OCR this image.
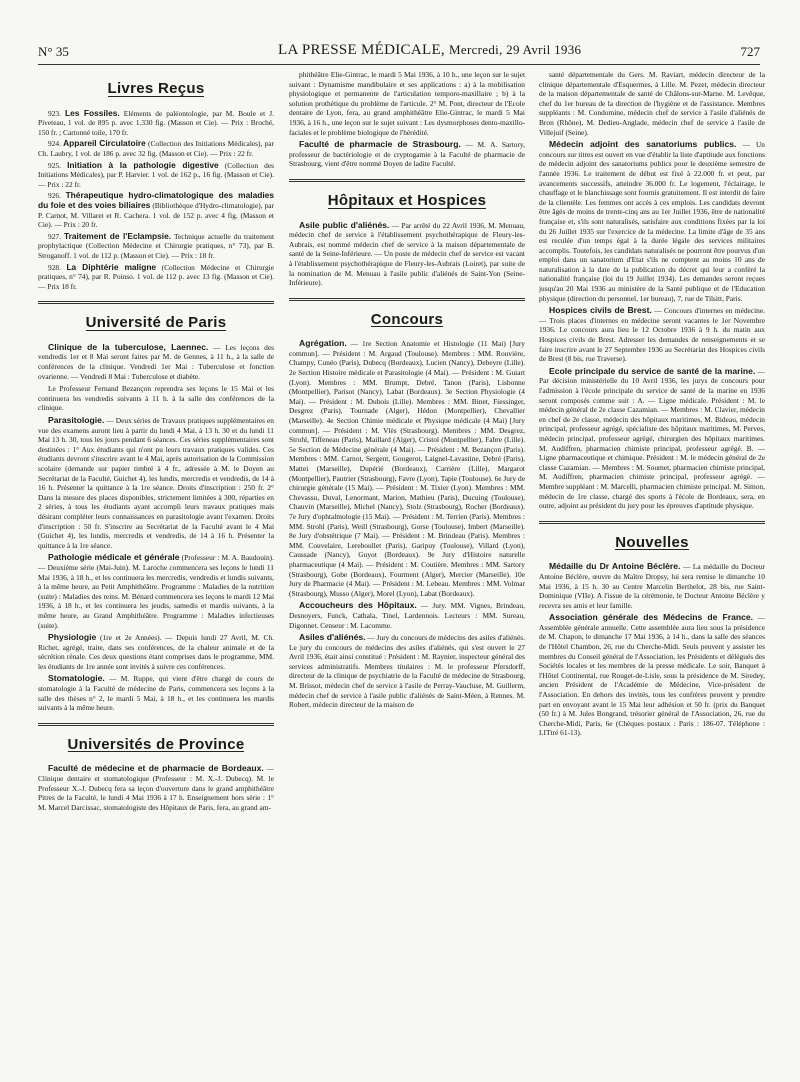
N° 35	LA PRESSE MÉDICALE, Mercredi, 29 Avril 1936	727
Livres Reçus

923. Les Fossiles. Eléments de paléontologie, par M. Boule et J. Piveteau, 1 vol. de 895 p. avec 1.330 fig. (Masson et Cie). — Prix : Broché, 150 fr. ; Cartonné toile, 170 fr.

924. Appareil Circulatoire (Collection des Initiations Médicales), par Ch. Laubry, 1 vol. de 186 p. avec 32 fig. (Masson et Cie). — Prix : 22 fr.

925. Initiation à la pathologie digestive (Collection des Initiations Médicales), par P. Harvier. 1 vol. de 162 p., 16 fig. (Masson et Cie). — Prix : 22 fr.

926. Thérapeutique hydro-climatologique des maladies du foie et des voies biliaires (Bibliothèque d'Hydro-climatologie), par P. Carnot, M. Villaret et R. Cachera. 1 vol. de 152 p. avec 4 fig. (Masson et Cie). — Prix : 20 fr.

927. Traitement de l'Eclampsie. Technique actuelle du traitement prophylactique (Collection Médecine et Chirurgie pratiques, n° 73), par B. Stroganoff. 1 vol. de 112 p. (Masson et Cie). — Prix : 18 fr.

928. La Diphtérie maligne (Collection Médecine et Chirurgie pratiques, n° 74), par R. Poinso. 1 vol. de 112 p. avec 13 fig. (Masson et Cie). — Prix 18 fr.

Université de Paris

Clinique de la tuberculose, Laennec. — Les leçons des vendredis 1er et 8 Mai seront faites par M. de Gennes, à 11 h., à la salle de conférences de la clinique. Vendredi 1er Mai : Tuberculose et fonction ovarienne. — Vendredi 8 Mai : Tuberculose et diabète.

Le Professeur Fernand Bezançon reprendra ses leçons le 15 Mai et les continuera les vendredis suivants à 11 h. à la salle des conférences de la clinique.

Parasitologie. — Deux séries de Travaux pratiques supplémentaires en vue des examens auront lieu à partir du lundi 4 Mai, à 13 h. 30 et du lundi 11 Mai 13 h. 30, tous les jours pendant 6 séances. Ces séries supplémentaires sont destinées : 1° Aux étudiants qui n'ont pu leurs travaux pratiques valides. Ces étudiants devront s'inscrire avant le 4 Mai, après autorisation de la Commission scolaire (demande sur papier timbré à 4 fr., adressée à M. le Doyen au Secrétariat de la Faculté, Guichet 4), les lundis, mercredis et vendredis, de 14 à 16 h. Présenter la quittance à la 1re séance. Droits d'inscription : 250 fr. 2° Dans la mesure des places disponibles, strictement limitées à 300, réparties en 2 séries, à tous les étudiants ayant accompli leurs travaux pratiques mais désirant compléter leurs connaissances en parasitologie avant l'examen. Droits d'inscription : 50 fr. S'inscrire au Secrétariat de la Faculté avant le 4 Mai (Guichet 4), les lundis, mercredis et vendredis, de 14 à 16 h. Présenter la quittance à la 1re séance.

Pathologie médicale et générale (Professeur : M. A. Baudouin). — Deuxième série (Mai-Juin). M. Laroche commencera ses leçons le lundi 11 Mai 1936, à 18 h., et les continuera les mercredis, vendredis et lundis suivants, à la même heure, au Petit Amphithéâtre. Programme : Maladies de la nutrition (suite) : Maladies des reins. M. Bénard commencera ses leçons le mardi 12 Mai 1936, à 18 h., et les continuera les jeudis, samedis et mardis suivants, à la même heure, au Grand Amphithéâtre. Programme : Maladies infectieuses (suite).

Physiologie (1re et 2e Années). — Depuis lundi 27 Avril, M. Ch. Richet, agrégé, traite, dans ses conférences, de la chaleur animale et de la sécrétion rénale. Ces deux questions étant comprises dans le programme, MM. les étudiants de 1re année sont invités à suivre ces conférences.

Stomatologie. — M. Ruppe, qui vient d'être chargé de cours de stomatologie à la Faculté de médecine de Paris, commencera ses leçons à la salle des thèses n° 2, le mardi 5 Mai, à 18 h., et les continuera les mardis suivants à la même heure.

Universités de Province

Faculté de médecine et de pharmacie de Bordeaux. — Clinique dentaire et stomatologique (Professeur : M. X.-J. Dubecq). M. le Professeur X.-J. Dubecq fera sa leçon d'ouverture dans le grand amphithéâtre Pitres de la Faculté, le lundi 4 Mai 1936 à 17 h. Enseignement hors série : 1° M. Marcel Darcissac, stomatologiste des Hôpitaux de Paris, fera, au grand am-

phithéâtre Elie-Gintrac, le mardi 5 Mai 1936, à 10 h., une leçon sur le sujet suivant : Dynamisme mandibulaire et ses applications : a) à la mobilisation physiologique et permanente de l'articulation temporo-maxillaire ; b) à la solution prothétique du problème de l'articule. 2° M. Pont, directeur de l'Ecole dentaire de Lyon, fera, au grand amphithéâtre Elie-Gintrac, le mardi 5 Mai 1936, à 16 h., une leçon sur le sujet suivant : Les dysmorphoses dento-maxillo-faciales et le problème biologique de l'hérédité.

Faculté de pharmacie de Strasbourg. — M. A. Sartory, professeur de bactériologie et de cryptogamie à la Faculté de pharmacie de Strasbourg, vient d'être nommé Doyen de ladite Faculté.

Hôpitaux et Hospices

Asile public d'aliénés. — Par arrêté du 22 Avril 1936, M. Menuau, médecin chef de service à l'établissement psychothérapique de Fleury-les-Aubrais, est nommé médecin chef de service à la maison départementale de santé de la Seine-Inférieure. — Un poste de médecin chef de service est vacant à l'établissement psychothérapique de Fleury-les-Aubrais (Loiret), par suite de la nomination de M. Menuau à l'asile public d'aliénés de Saint-Yon (Seine-Inférieure).

Concours

Agrégation. — 1re Section Anatomie et Histologie (11 Mai) [Jury commun]. — Président : M. Argaud (Toulouse). Membres : MM. Rouvière, Champy, Cunéo (Paris), Dubecq (Bordeaux), Lucien (Nancy), Debeyre (Lille). 2e Section Histoire médicale et Parasitologie (4 Mai). — Président : M. Guiart (Lyon). Membres : MM. Brumpt, Debré, Tanon (Paris), Lisbonne (Montpellier), Parisot (Nancy), Labat (Bordeaux). 3e Section Physiologie (4 Mai). — Président : M. Dubois (Lille). Membres : MM. Binet, Fiessinger, Desgrez (Paris), Tournade (Alger), Hédon (Montpellier), Chevallier (Marseille). 4e Section Chimie médicale et Physique médicale (4 Mai) [Jury commun]. — Président : M. Vlès (Strasbourg). Membres : MM. Desgrez, Strohl, Tiffeneau (Paris), Maillard (Alger), Cristol (Montpellier), Fabre (Lille). 5e Section de Médecine générale (4 Mai). — Président : M. Bezançon (Paris). Membres : MM. Carnot, Sergent, Gougerot, Laignel-Lavastine, Debré (Paris), Mattei (Marseille), Dupérié (Bordeaux), Carrière (Lille), Margarot (Montpellier), Pautrier (Strasbourg), Favre (Lyon), Tapie (Toulouse). 6e Jury de chirurgie générale (15 Mai). — Président : M. Tixier (Lyon). Membres : MM. Chevassu, Duval, Lenormant, Marion, Mathieu (Paris), Ducuing (Toulouse), Chauvin (Marseille), Michel (Nancy), Stolz (Strasbourg), Rocher (Bordeaux). 7e Jury d'ophtalmologie (15 Mai). — Président : M. Terrien (Paris). Membres : MM. Strohl (Paris), Weill (Strasbourg), Gorse (Toulouse), Imbert (Marseille). 8e Jury d'obstétrique (7 Mai). — Président : M. Brindeau (Paris). Membres : MM. Couvelaire, Lereboullet (Paris), Garipuy (Toulouse), Villard (Lyon), Caussade (Nancy), Guyot (Bordeaux). 9e Jury d'Histoire naturelle pharmaceutique (4 Mai). — Président : M. Coutière. Membres : MM. Sartory (Strasbourg), Gobe (Bordeaux), Fourment (Alger), Mercier (Marseille). 10e Jury de Pharmacie (4 Mai). — Président : M. Lebeau. Membres : MM. Volmar (Strasbourg), Musso (Alger), Morel (Lyon), Labat (Bordeaux).

Accoucheurs des Hôpitaux. — Jury. MM. Vignes, Brindeau, Desnoyers, Funck, Cathala, Tinel, Lardennois. Lecteurs : MM. Sureau, Digonnet. Censeur : M. Lacomme.

Asiles d'aliénés. — Jury du concours de médecins des asiles d'aliénés. Le jury du concours de médecins des asiles d'aliénés, qui s'est ouvert le 27 Avril 1936, était ainsi constitué : Président : M. Raynier, inspecteur général des services administratifs. Membres titulaires : M. le professeur Pfersdorff, directeur de la clinique de psychiatrie de la Faculté de médecine de Strasbourg, M. Brissot, médecin chef de service à l'asile de Perray-Vaucluse, M. Guillerm, médecin chef de service à l'asile public d'aliénés de Saint-Méen, à Rennes. M. Robert, médecin directeur de la maison de

santé départementale du Gers. M. Raviart, médecin directeur de la clinique départementale d'Esquermes, à Lille. M. Pezet, médecin directeur de la maison départementale de santé de Châlons-sur-Marne. M. Levêque, chef du 1er bureau de la direction de l'hygiène et de l'assistance. Membres suppléants : M. Condomine, médecin chef de service à l'asile d'aliénés de Bron (Rhône), M. Dedieu-Anglade, médecin chef de service à l'asile de Villejuif (Seine).

Médecin adjoint des sanatoriums publics. — Un concours sur titres est ouvert en vue d'établir la liste d'aptitude aux fonctions de médecin adjoint des sanatoriums publics pour le deuxième semestre de l'année 1936. Le traitement de début est fixé à 22.000 fr. et peut, par avancements successifs, atteindre 36.000 fr. Le logement, l'éclairage, le chauffage et le blanchissage sont fournis gratuitement. Il est interdit de faire de la clientèle. Les femmes ont accès à ces emplois. Les candidats devront être âgés de moins de trente-cinq ans au 1er Juillet 1936, être de nationalité française et, s'ils sont naturalisés, satisfaire aux conditions fixées par la loi du 26 Juillet 1935 sur l'exercice de la médecine. La limite d'âge de 35 ans est reculée d'un temps égal à la durée légale des services militaires accomplis. Toutefois, les candidats naturalisés ne pourront être pourvus d'un emploi dans un sanatorium d'Etat s'ils ne comptent au moins 10 ans de naturalisation à la date de la publication du décret qui leur a conféré la nationalité française (loi du 19 Juillet 1934). Les demandes seront reçues jusqu'au 20 Mai 1936 au ministère de la Santé publique et de l'Education physique (direction du personnel, 1er bureau), 7, rue de Tilsitt, Paris.

Hospices civils de Brest. — Concours d'internes en médecine. — Trois places d'internes en médecine seront vacantes le 1er Novembre 1936. Le concours aura lieu le 12 Octobre 1936 à 9 h. du matin aux Hospices civils de Brest. Adresser les demandes de renseignements et se faire inscrire avant le 27 Septembre 1936 au Secrétariat des Hospices civils de Brest (8 bis, rue Traverse).

Ecole principale du service de santé de la marine. — Par décision ministérielle du 10 Avril 1936, les jurys de concours pour l'admission à l'école principale du service de santé de la marine en 1936 seront composés comme suit : A. — Ligne médicale. Président : M. le médecin général de 2e classe Cazamian. — Membres : M. Clavier, médecin en chef de 2e classe, médecin des hôpitaux maritimes, M. Bideau, médecin principal, professeur agrégé, spécialiste des hôpitaux maritimes, M. Perves, médecin principal, professeur agrégé, chirurgien des hôpitaux maritimes. M. Audiffren, pharmacien chimiste principal, professeur agrégé. B. — Ligne pharmaceutique et chimique. Président : M. le médecin général de 2e classe Cazamian. — Membres : M. Soumet, pharmacien chimiste principal, M. Audiffren, pharmacien chimiste principal, professeur agrégé. — Membre suppléant : M. Marcelli, pharmacien chimiste principal. M. Simon, médecin de 1re classe, chargé des sports à l'école de Bordeaux, sera, en outre, adjoint au président du jury pour les épreuves d'aptitude physique.

Nouvelles

Médaille du Dr Antoine Béclère. — La médaille du Docteur Antoine Béclère, œuvre du Maître Dropsy, lui sera remise le dimanche 10 Mai 1936, à 15 h. 30 au Centre Marcelin Berthelot, 28 bis, rue Saint-Dominique (VIIe). A l'issue de la cérémonie, le Docteur Antoine Béclère y recevra ses amis et leur famille.

Association générale des Médecins de France. — Assemblée générale annuelle. Cette assemblée aura lieu sous la présidence de M. Chapon, le dimanche 17 Mai 1936, à 14 h., dans la salle des séances de l'Hôtel Chambon, 26, rue du Cherche-Midi. Seuls peuvent y assister les membres du Conseil général de l'Association, les Présidents et délégués des Sociétés locales et les membres de la presse médicale. Le soir, Banquet à l'Hôtel Continental, rue Rouget-de-Lisle, sous la présidence de M. Siredey, ancien Président de l'Académie de Médecine, Vice-président de l'Association. En dehors des invités, tous les confrères peuvent y prendre part en envoyant avant le 15 Mai leur adhésion et 50 fr. (prix du Banquet (50 fr.) à M. Jules Bongrand, trésorier général de l'Association, 26, rue du Cherche-Midi, Paris, 6e (Chèques postaux : Paris : 186-07. Téléphone : LITtré 61-13).
